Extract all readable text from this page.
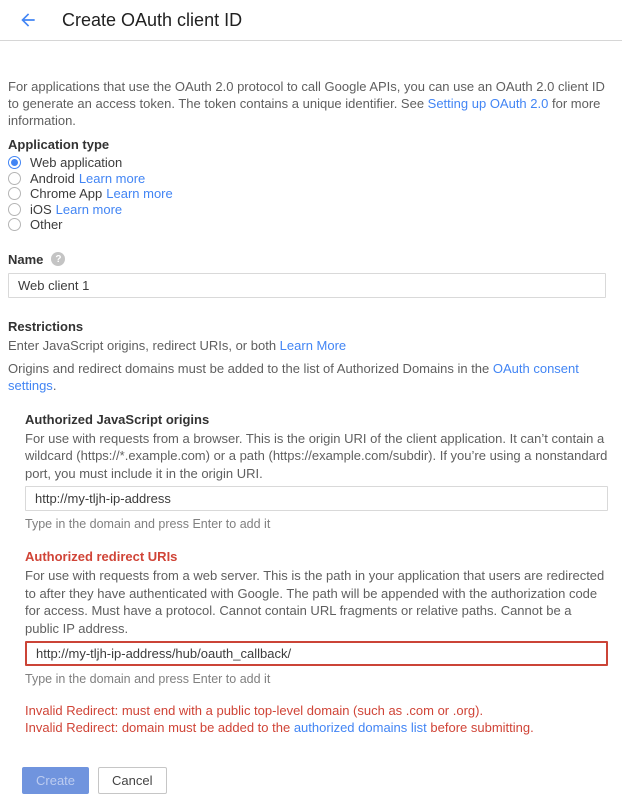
Create OAuth client ID

For applications that use the OAuth 2.0 protocol to call Google APIs, you can use an OAuth 2.0 client ID to generate an access token. The token contains a unique identifier. See Setting up OAuth 2.0 for more information.

Application type
Web application
Android Learn more
Chrome App Learn more
iOS Learn more
Other
Name	?
Web client 1
Restrictions

Enter JavaScript origins, redirect URIs, or both Learn More

Origins and redirect domains must be added to the list of Authorized Domains in the OAuth consent settings.

Authorized JavaScript origins

For use with requests from a browser. This is the origin URI of the client application. It can’t contain a wildcard (https://*.example.com) or a path (https://example.com/subdir). If you’re using a nonstandard port, you must include it in the origin URI.

http://my-tljh-ip-address
Type in the domain and press Enter to add it
Authorized redirect URIs

For use with requests from a web server. This is the path in your application that users are redirected to after they have authenticated with Google. The path will be appended with the authorization code for access. Must have a protocol. Cannot contain URL fragments or relative paths. Cannot be a public IP address.

http://my-tljh-ip-address/hub/oauth_callback/
Type in the domain and press Enter to add it
Invalid Redirect: must end with a public top-level domain (such as .com or .org).
Invalid Redirect: domain must be added to the authorized domains list before submitting.
Create	Cancel
